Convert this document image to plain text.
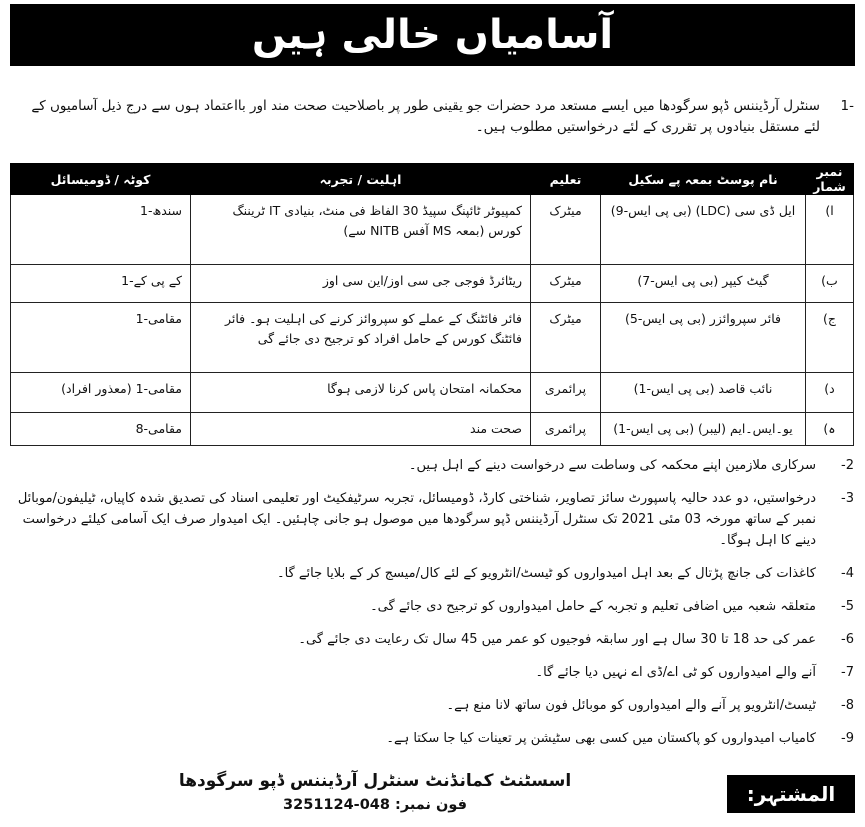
آسامیاں خالی ہیں
-1
سنٹرل آرڈیننس ڈپو سرگودھا میں ایسے مستعد مرد حضرات جو یقینی طور پر باصلاحیت صحت مند اور بااعتماد ہوں سے درج ذیل آسامیوں کے لئے مستقل بنیادوں پر تقرری کے لئے درخواستیں مطلوب ہیں۔
نمبر شمار	نام پوسٹ بمعہ پے سکیل	تعلیم	اہلیت / تجربہ	کوٹہ / ڈومیسائل
ا)	ایل ڈی سی (LDC) (بی پی ایس-9)	میٹرک	کمپیوٹر ٹائپنگ سپیڈ 30 الفاظ فی منٹ، بنیادی IT ٹریننگ کورس (بمعہ MS آفس NITB سے)	سندھ-1
ب)	گیٹ کیپر (بی پی ایس-7)	میٹرک	ریٹائرڈ فوجی جی سی اوز/این سی اوز	کے پی کے-1
ج)	فائر سپروائزر (بی پی ایس-5)	میٹرک	فائر فائٹنگ کے عملے کو سپروائز کرنے کی اہلیت ہو۔ فائر فائٹنگ کورس کے حامل افراد کو ترجیح دی جائے گی	مقامی-1
د)	نائب قاصد (بی پی ایس-1)	پرائمری	محکمانہ امتحان پاس کرنا لازمی ہوگا	مقامی-1 (معذور افراد)
ہ)	یو۔ایس۔ایم (لیبر) (بی پی ایس-1)	پرائمری	صحت مند	مقامی-8
-2
سرکاری ملازمین اپنے محکمہ کی وساطت سے درخواست دینے کے اہل ہیں۔
-3
درخواستیں، دو عدد حالیہ پاسپورٹ سائز تصاویر، شناختی کارڈ، ڈومیسائل، تجربہ سرٹیفکیٹ اور تعلیمی اسناد کی تصدیق شدہ کاپیاں، ٹیلیفون/موبائل نمبر کے ساتھ مورخہ 03 مئی 2021 تک سنٹرل آرڈیننس ڈپو سرگودھا میں موصول ہو جانی چاہئیں۔ ایک امیدوار صرف ایک آسامی کیلئے درخواست دینے کا اہل ہوگا۔
-4
کاغذات کی جانچ پڑتال کے بعد اہل امیدواروں کو ٹیسٹ/انٹرویو کے لئے کال/میسج کر کے بلایا جائے گا۔
-5
متعلقہ شعبہ میں اضافی تعلیم و تجربہ کے حامل امیدواروں کو ترجیح دی جائے گی۔
-6
عمر کی حد 18 تا 30 سال ہے اور سابقہ فوجیوں کو عمر میں 45 سال تک رعایت دی جائے گی۔
-7
آنے والے امیدواروں کو ٹی اے/ڈی اے نہیں دیا جائے گا۔
-8
ٹیسٹ/انٹرویو پر آنے والے امیدواروں کو موبائل فون ساتھ لانا منع ہے۔
-9
کامیاب امیدواروں کو پاکستان میں کسی بھی سٹیشن پر تعینات کیا جا سکتا ہے۔
المشتہر:
اسسٹنٹ کمانڈنٹ سنٹرل آرڈیننس ڈپو سرگودھا
فون نمبر: 048-3251124
